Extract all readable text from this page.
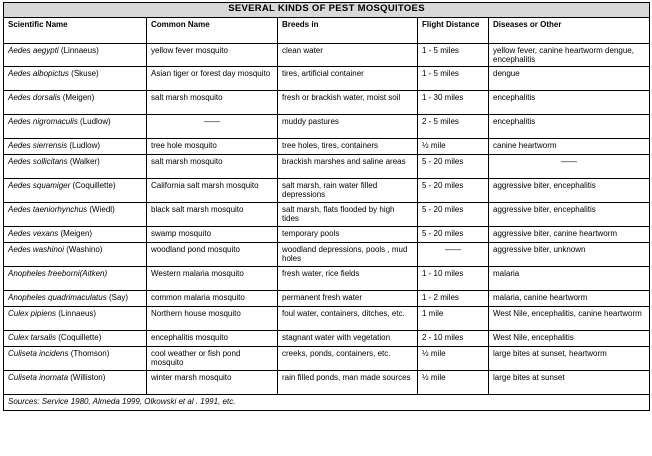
SEVERAL KINDS OF PEST MOSQUITOES				
Scientific Name	Common Name	Breeds in	Flight Distance	Diseases or Other
Aedes aegypti (Linnaeus)	yellow fever mosquito	clean water	1 - 5 miles	yellow fever, canine heartworm dengue, encephalitis
Aedes albopictus (Skuse)	Asian tiger or forest day mosquito	tires, artificial container	1 - 5 miles	dengue
Aedes dorsalis (Meigen)	salt marsh mosquito	fresh or brackish water, moist soil	1 - 30 miles	encephalitis
Aedes nigromaculis (Ludlow)	——	muddy pastures	2 - 5 miles	encephalitis
Aedes sierrensis (Ludlow)	tree hole mosquito	tree holes, tires, containers	½ mile	canine heartworm
Aedes sollicitans (Walker)	salt marsh mosquito	brackish marshes and saline areas	5 - 20 miles	——

Aedes squamiger (Coquillette)	California salt marsh mosquito	salt marsh, rain water filled depressions	5 - 20 miles	aggressive biter, encephalitis
Aedes taeniorhynchus (Wiedl)	black salt marsh mosquito	salt marsh, flats flooded by high tides	5 - 20 miles	aggressive biter, encephalitis
Aedes vexans (Meigen)	swamp mosquito	temporary pools	5 - 20 miles	aggressive biter, canine heartworm
Aedes washinoi (Washino)	woodland pond mosquito	woodland depressions, pools , mud holes	——	aggressive biter, unknown
Anopheles freeborni(Aitken)	Western malaria mosquito	fresh water, rice fields	1 - 10 miles	malaria
Anopheles quadrimaculatus (Say)	common malaria mosquito	permanent fresh water	1 - 2 miles	malaria, canine heartworm
Culex pipiens (Linnaeus)	Northern house mosquito	foul water, containers, ditches, etc.	1 mile	West Nile, encephalitis, canine heartworm
Culex tarsalis (Coquillette)	encephalitis mosquito	stagnant water with vegetation	2 - 10 miles	West Nile, encephalitis
Culiseta incidens (Thomson)	cool weather or fish pond mosquito	creeks, ponds, containers, etc.	½ mile	large bites at sunset, heartworm
Culiseta inornata (Williston)	winter marsh mosquito	rain filled ponds, man made sources	½ mile	large bites at sunset
Sources: Service 1980, Almeda 1999, Olkowski et al . 1991, etc.				
